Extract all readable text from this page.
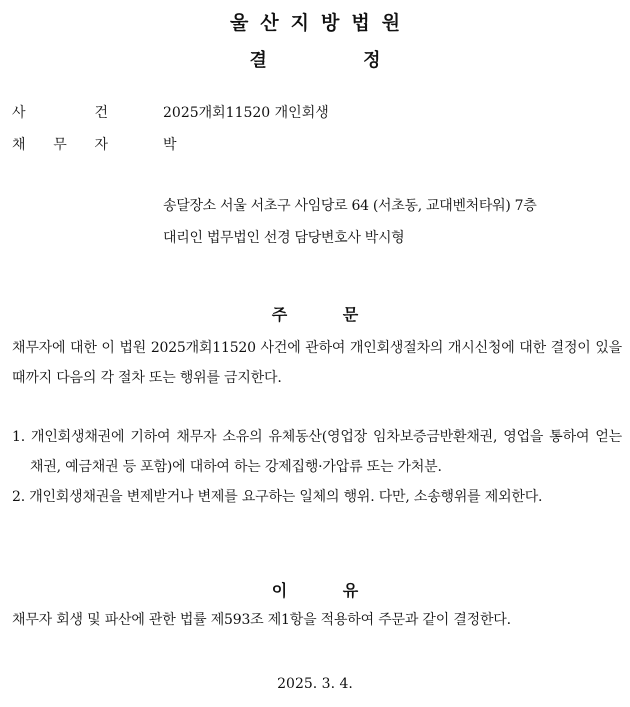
울산지방법원
결 정
사	건	2025개회11520 개인회생
채 무 자	박
송달장소 서울 서초구 사임당로 64 (서초동, 교대벤처타워) 7층
대리인 법무법인 선경 담당변호사 박시형
주 문
채무자에 대한 이 법원 2025개회11520 사건에 관하여 개인회생절차의 개시신청에 대한 결정이 있을 때까지 다음의 각 절차 또는 행위를 금지한다.
1. 개인회생채권에 기하여 채무자 소유의 유체동산(영업장 임차보증금반환채권, 영업을 통하여 얻는 채권, 예금채권 등 포함)에 대하여 하는 강제집행·가압류 또는 가처분.
2. 개인회생채권을 변제받거나 변제를 요구하는 일체의 행위. 다만, 소송행위를 제외한다.
이 유
채무자 회생 및 파산에 관한 법률 제593조 제1항을 적용하여 주문과 같이 결정한다.
2025. 3. 4.
